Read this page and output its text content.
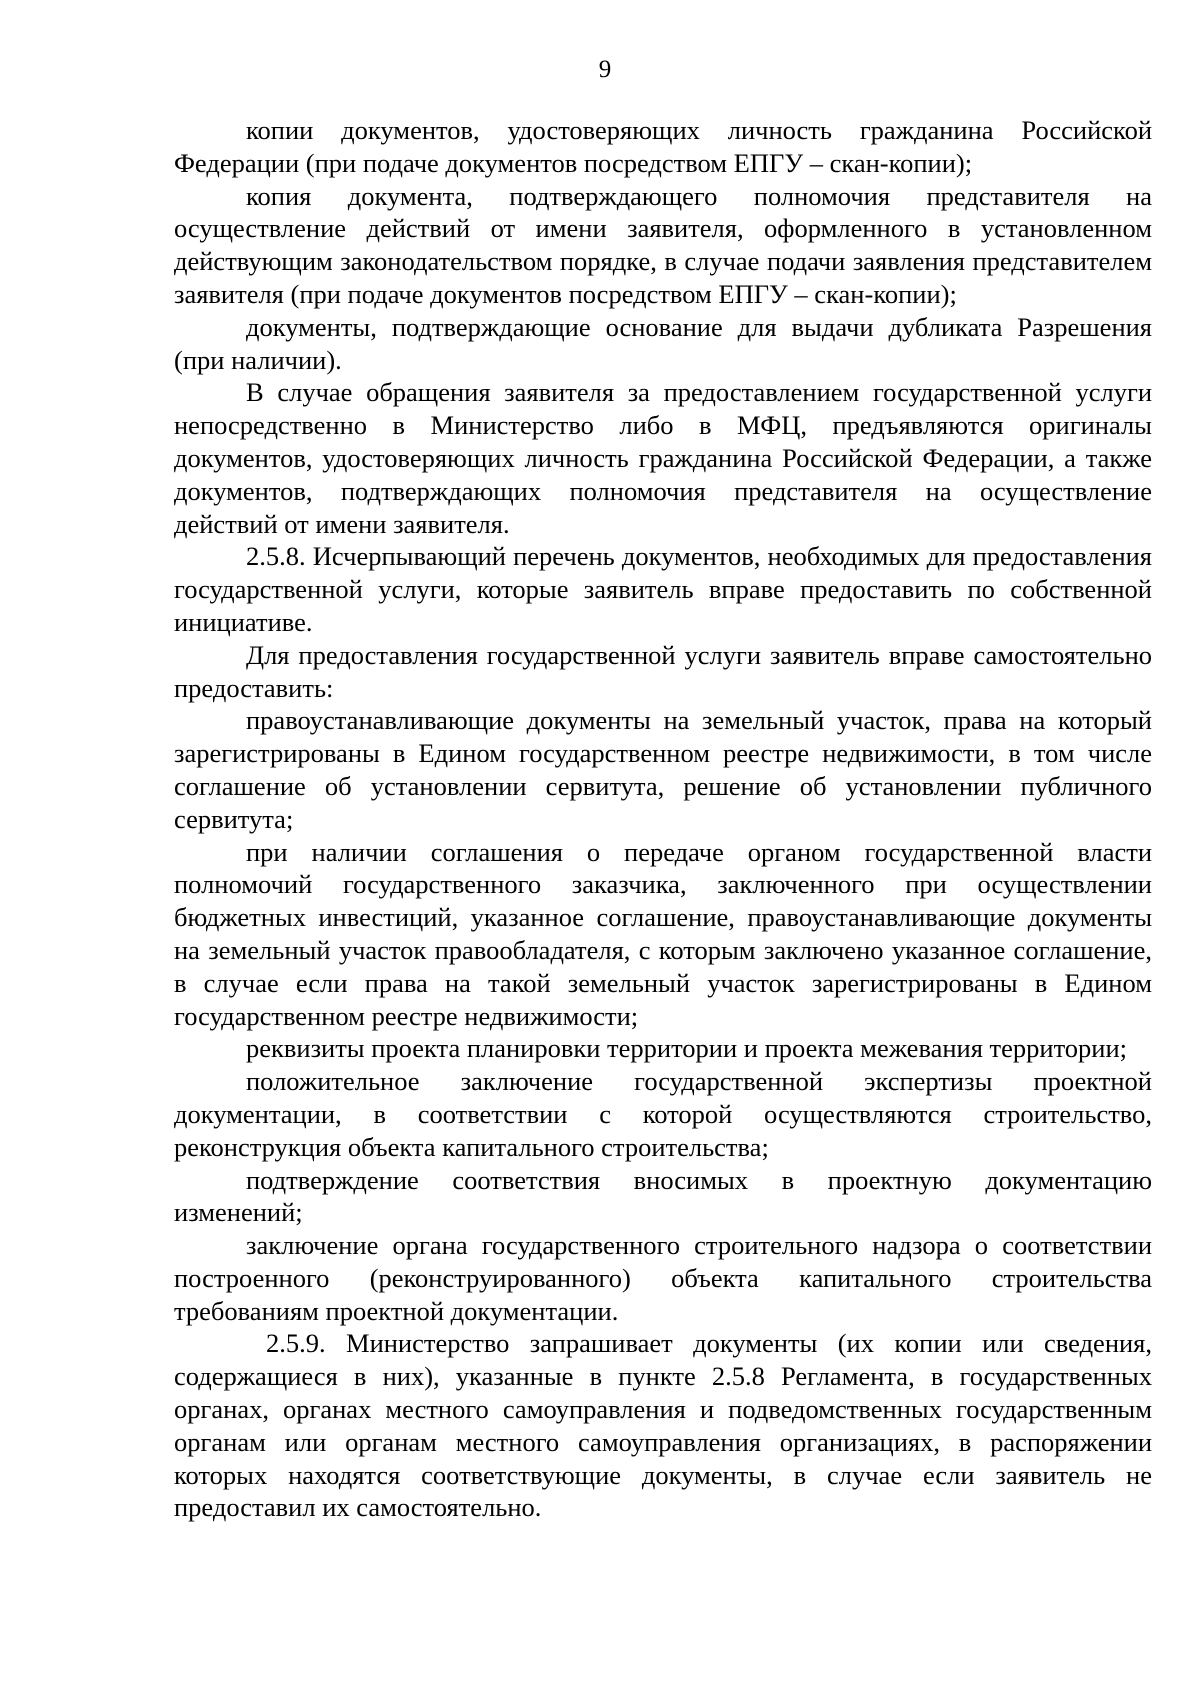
9

копии документов, удостоверяющих личность гражданина Российской Федерации (при подаче документов посредством ЕПГУ – скан-копии);

копия документа, подтверждающего полномочия представителя на осуществление действий от имени заявителя, оформленного в установленном действующим законодательством порядке, в случае подачи заявления представителем заявителя (при подаче документов посредством ЕПГУ – скан-копии);

документы, подтверждающие основание для выдачи дубликата Разрешения (при наличии).

В случае обращения заявителя за предоставлением государственной услуги непосредственно в Министерство либо в МФЦ, предъявляются оригиналы документов, удостоверяющих личность гражданина Российской Федерации, а также документов, подтверждающих полномочия представителя на осуществление действий от имени заявителя.

2.5.8. Исчерпывающий перечень документов, необходимых для предоставления государственной услуги, которые заявитель вправе предоставить по собственной инициативе.

Для предоставления государственной услуги заявитель вправе самостоятельно предоставить:

правоустанавливающие документы на земельный участок, права на который зарегистрированы в Едином государственном реестре недвижимости, в том числе соглашение об установлении сервитута, решение об установлении публичного сервитута;

при наличии соглашения о передаче органом государственной власти полномочий государственного заказчика, заключенного при осуществлении бюджетных инвестиций, указанное соглашение, правоустанавливающие документы на земельный участок правообладателя, с которым заключено указанное соглашение, в случае если права на такой земельный участок зарегистрированы в Едином государственном реестре недвижимости;

реквизиты проекта планировки территории и проекта межевания территории;

положительное заключение государственной экспертизы проектной документации, в соответствии с которой осуществляются строительство, реконструкция объекта капитального строительства;

подтверждение соответствия вносимых в проектную документацию изменений;

заключение органа государственного строительного надзора о соответствии построенного (реконструированного) объекта капитального строительства требованиям проектной документации.

2.5.9. Министерство запрашивает документы (их копии или сведения, содержащиеся в них), указанные в пункте 2.5.8 Регламента, в государственных органах, органах местного самоуправления и подведомственных государственным органам или органам местного самоуправления организациях, в распоряжении которых находятся соответствующие документы, в случае если заявитель не предоставил их самостоятельно.
